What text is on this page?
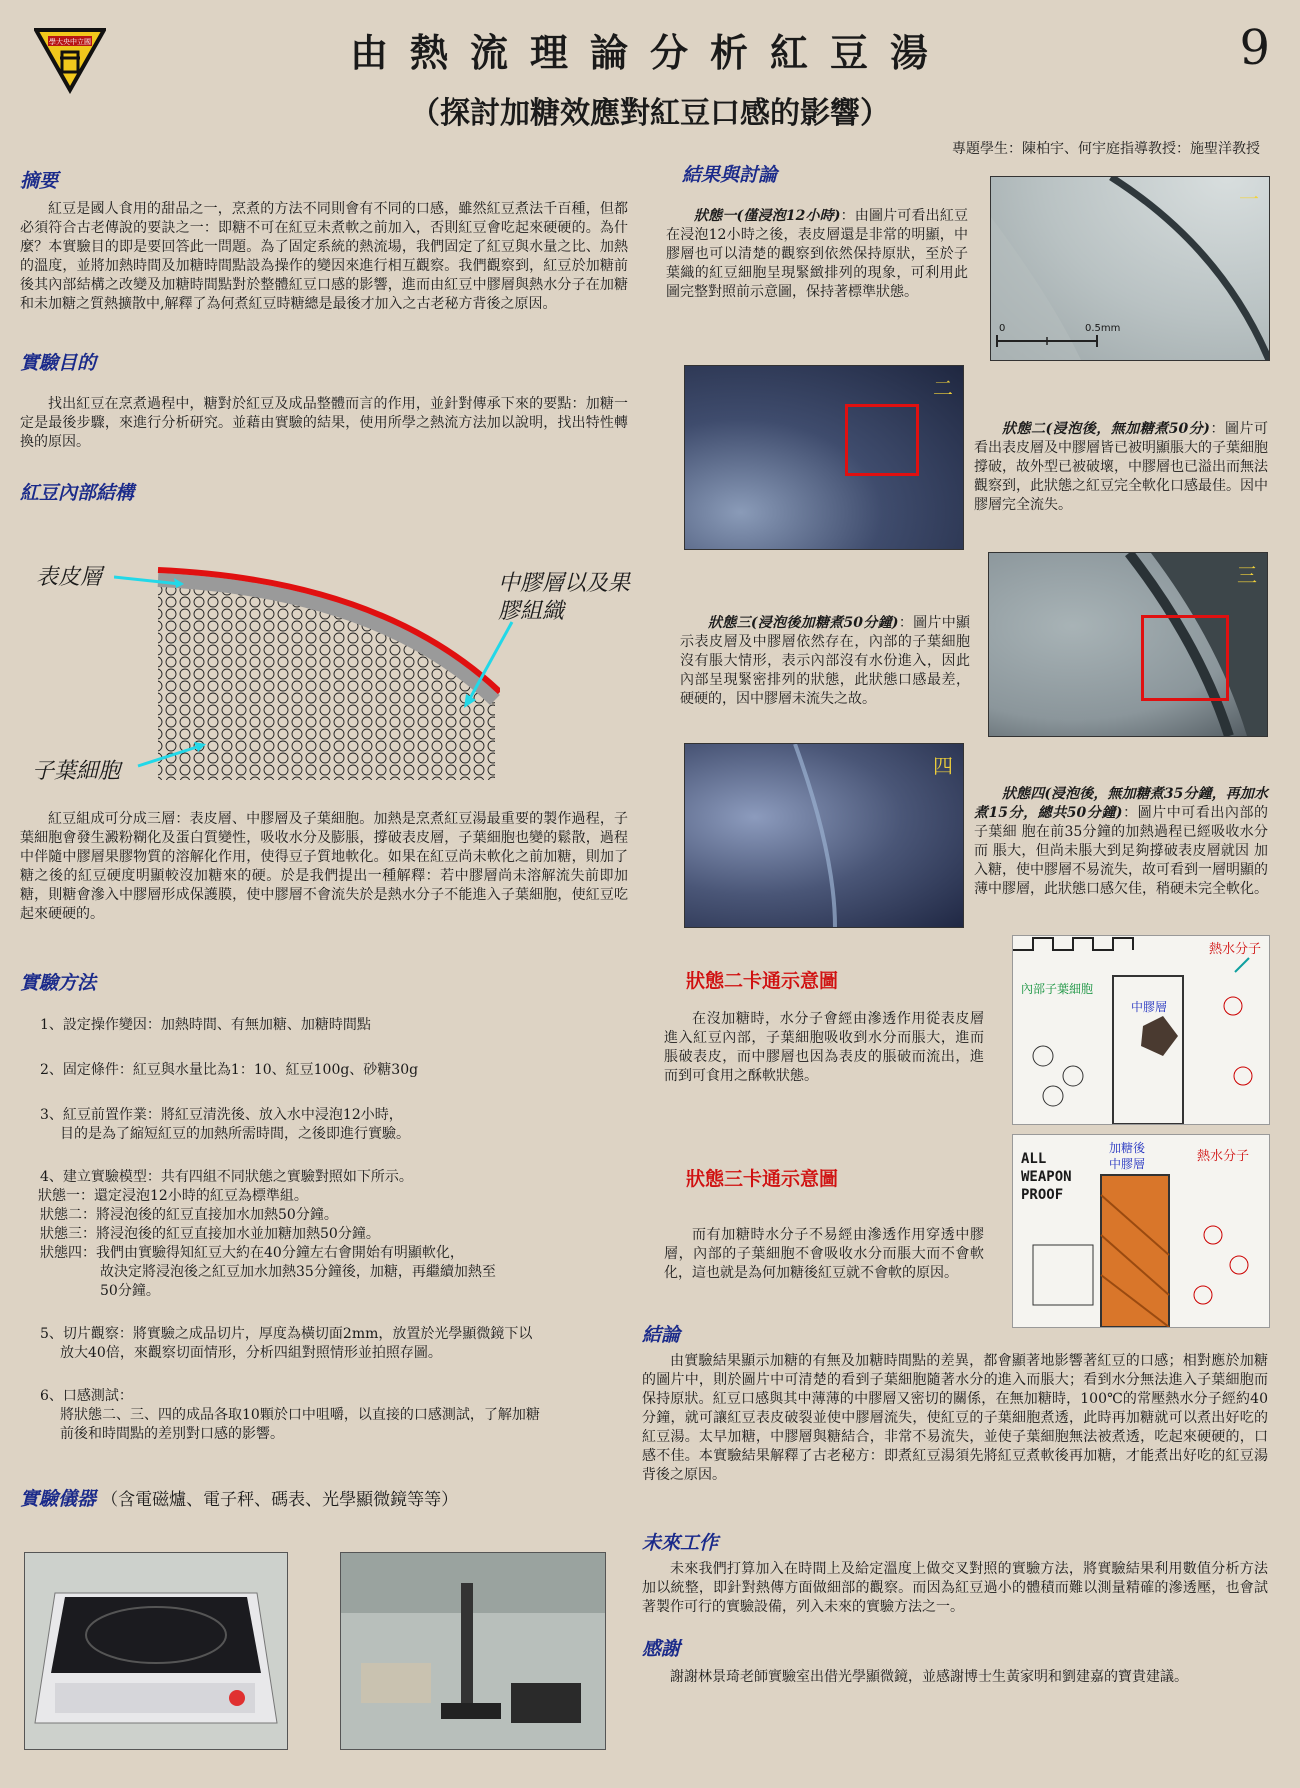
學大央中立國	由熱流理論分析紅豆湯
（探討加糖效應對紅豆口感的影響）
9
專題學生：陳柏宇、何宇庭指導教授：施聖洋教授
摘要

紅豆是國人食用的甜品之一，烹煮的方法不同則會有不同的口感，雖然紅豆煮法千百種，但都必須符合古老傳說的要訣之一：即糖不可在紅豆未煮軟之前加入，否則紅豆會吃起來硬硬的。為什麼？本實驗目的即是要回答此一問題。為了固定系統的熱流場，我們固定了紅豆與水量之比、加熱的溫度，並將加熱時間及加糖時間點設為操作的變因來進行相互觀察。我們觀察到，紅豆於加糖前後其內部結構之改變及加糖時間點對於整體紅豆口感的影響，進而由紅豆中膠層與熱水分子在加糖和未加糖之質熱擴散中,解釋了為何煮紅豆時糖總是最後才加入之古老秘方背後之原因。

實驗目的

找出紅豆在烹煮過程中，糖對於紅豆及成品整體而言的作用，並針對傳承下來的要點：加糖一定是最後步驟，來進行分析研究。並藉由實驗的結果，使用所學之熱流方法加以說明，找出特性轉換的原因。

紅豆內部結構
表皮層	中膠層以及果
膠組織
子葉細胞

紅豆組成可分成三層：表皮層、中膠層及子葉細胞。加熱是烹煮紅豆湯最重要的製作過程，子葉細胞會發生澱粉糊化及蛋白質變性，吸收水分及膨脹，撐破表皮層，子葉細胞也變的鬆散，過程中伴隨中膠層果膠物質的溶解化作用，使得豆子質地軟化。如果在紅豆尚未軟化之前加糖，則加了糖之後的紅豆硬度明顯較沒加糖來的硬。於是我們提出一種解釋：若中膠層尚未溶解流失前即加糖，則糖會滲入中膠層形成保護膜，使中膠層不會流失於是熱水分子不能進入子葉細胞，使紅豆吃起來硬硬的。

實驗方法
1、設定操作變因：加熱時間、有無加糖、加糖時間點
2、固定條件：紅豆與水量比為1：10、紅豆100g、砂糖30g
3、紅豆前置作業：將紅豆清洗後、放入水中浸泡12小時，
目的是為了縮短紅豆的加熱所需時間，之後即進行實驗。
4、建立實驗模型：共有四組不同狀態之實驗對照如下所示。
狀態一：還定浸泡12小時的紅豆為標準組。
狀態二：將浸泡後的紅豆直接加水加熱50分鐘。
狀態三：將浸泡後的紅豆直接加水並加糖加熱50分鐘。
狀態四：我們由實驗得知紅豆大約在40分鐘左右會開始有明顯軟化，
故決定將浸泡後之紅豆加水加熱35分鐘後，加糖，再繼續加熱至
50分鐘。
5、切片觀察：將實驗之成品切片，厚度為橫切面2mm，放置於光學顯微鏡下以
放大40倍，來觀察切面情形，分析四組對照情形並拍照存圖。
6、口感測試：
將狀態二、三、四的成品各取10顆於口中咀嚼，以直接的口感測試，了解加糖
前後和時間點的差別對口感的影響。
實驗儀器 （含電磁爐、電子秤、碼表、光學顯微鏡等等）
結果與討論

狀態一(僅浸泡12小時)：由圖片可看出紅豆在浸泡12小時之後，表皮層還是非常的明顯，中膠層也可以清楚的觀察到依然保持原狀，至於子葉織的紅豆細胞呈現緊緻排列的現象，可利用此圖完整對照前示意圖，保持著標準狀態。

一
0	0.5mm
二

狀態二(浸泡後，無加糖煮50分)：圖片可看出表皮層及中膠層皆已被明顯脹大的子葉細胞撐破，故外型已被破壞，中膠層也已溢出而無法觀察到，此狀態之紅豆完全軟化口感最佳。因中膠層完全流失。

狀態三(浸泡後加糖煮50分鐘)：圖片中顯示表皮層及中膠層依然存在，內部的子葉細胞沒有脹大情形，表示內部沒有水份進入，因此內部呈現緊密排列的狀態，此狀態口感最差，硬硬的，因中膠層未流失之故。

三
四

狀態四(浸泡後，無加糖煮35分鐘，再加水煮15分，總共50分鐘)：圖片中可看出內部的子葉細 胞在前35分鐘的加熱過程已經吸收水分而 脹大，但尚未脹大到足夠撐破表皮層就因 加入糖，使中膠層不易流失，故可看到一層明顯的薄中膠層，此狀態口感欠佳，稍硬未完全軟化。

狀態二卡通示意圖

在沒加糖時，水分子會經由滲透作用從表皮層進入紅豆內部，子葉細胞吸收到水分而脹大，進而脹破表皮，而中膠層也因為表皮的脹破而流出，進而到可食用之酥軟狀態。

熱水分子
內部子葉細胞
中膠層
狀態三卡通示意圖

而有加糖時水分子不易經由滲透作用穿透中膠層，內部的子葉細胞不會吸收水分而脹大而不會軟化，這也就是為何加糖後紅豆就不會軟的原因。

ALL
WEAPON
PROOF
加糖後
中膠層	熱水分子
結論

由實驗結果顯示加糖的有無及加糖時間點的差異，都會顯著地影響著紅豆的口感；相對應於加糖的圖片中，則於圖片中可清楚的看到子葉細胞隨著水分的進入而脹大；看到水分無法進入子葉細胞而保持原狀。紅豆口感與其中薄薄的中膠層又密切的關係，在無加糖時，100℃的常壓熱水分子經約40分鐘，就可讓紅豆表皮破裂並使中膠層流失，使紅豆的子葉細胞煮透，此時再加糖就可以煮出好吃的紅豆湯。太早加糖，中膠層與糖結合，非常不易流失，並使子葉細胞無法被煮透，吃起來硬硬的，口感不佳。本實驗結果解釋了古老秘方：即煮紅豆湯須先將紅豆煮軟後再加糖，才能煮出好吃的紅豆湯背後之原因。

未來工作

未來我們打算加入在時間上及給定溫度上做交叉對照的實驗方法，將實驗結果利用數值分析方法加以統整，即針對熱傳方面做細部的觀察。而因為紅豆過小的體積而難以測量精確的滲透壓，也會試著製作可行的實驗設備，列入未來的實驗方法之一。

感謝

謝謝林景琦老師實驗室出借光學顯微鏡，並感謝博士生黃家明和劉建嘉的寶貴建議。
